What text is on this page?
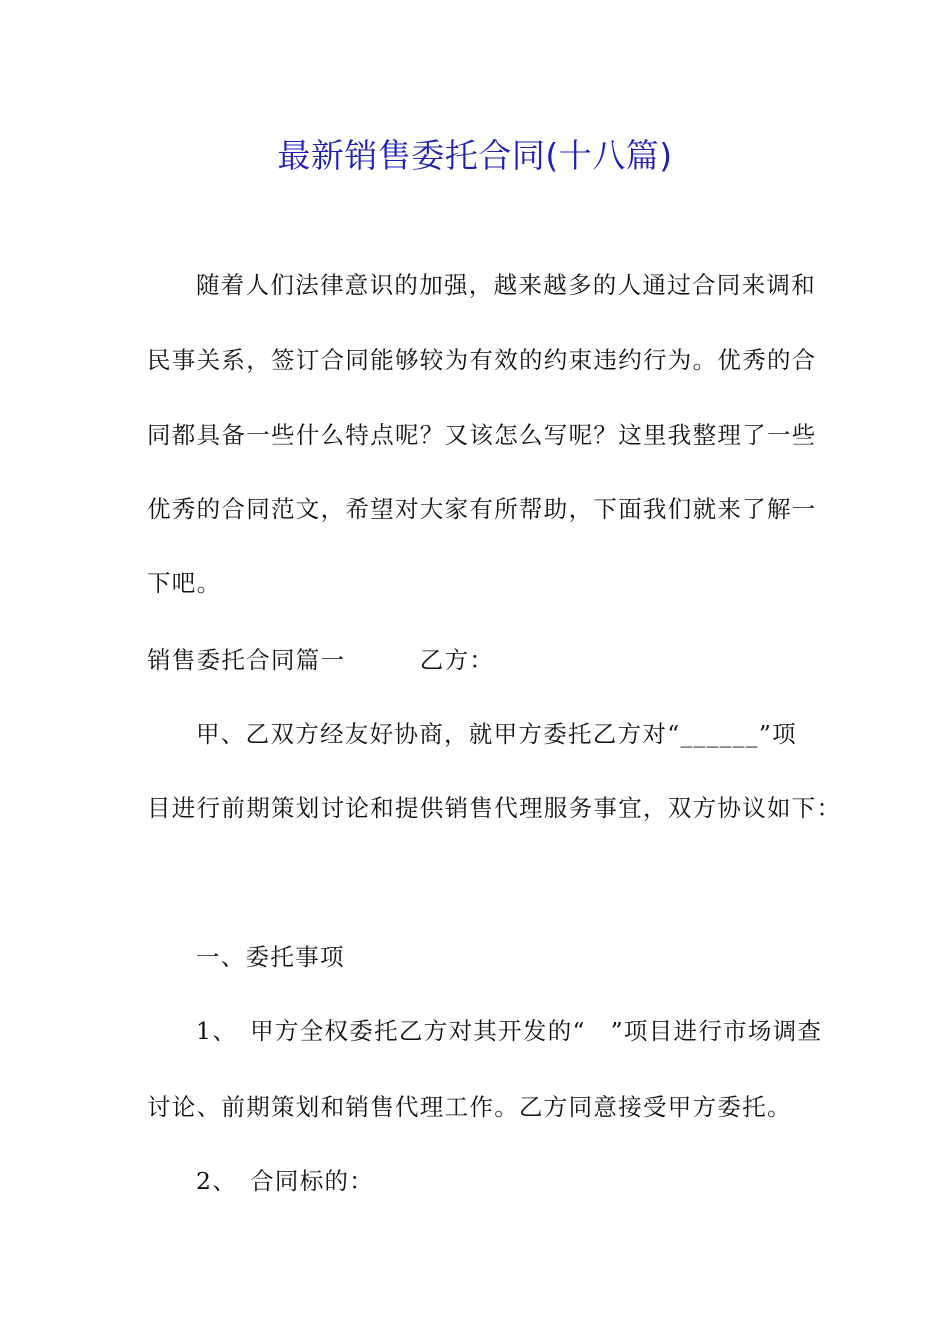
最新销售委托合同(十八篇)
随着人们法律意识的加强，越来越多的人通过合同来调和
民事关系，签订合同能够较为有效的约束违约行为。优秀的合
同都具备一些什么特点呢？又该怎么写呢？这里我整理了一些
优秀的合同范文，希望对大家有所帮助，下面我们就来了解一
下吧。
销售委托合同篇一　　　乙方：
甲、乙双方经友好协商，就甲方委托乙方对“______”项
目进行前期策划讨论和提供销售代理服务事宜，双方协议如下：
一、委托事项
1、　甲方全权委托乙方对其开发的“　”项目进行市场调查
讨论、前期策划和销售代理工作。乙方同意接受甲方委托。
2、　合同标的：
